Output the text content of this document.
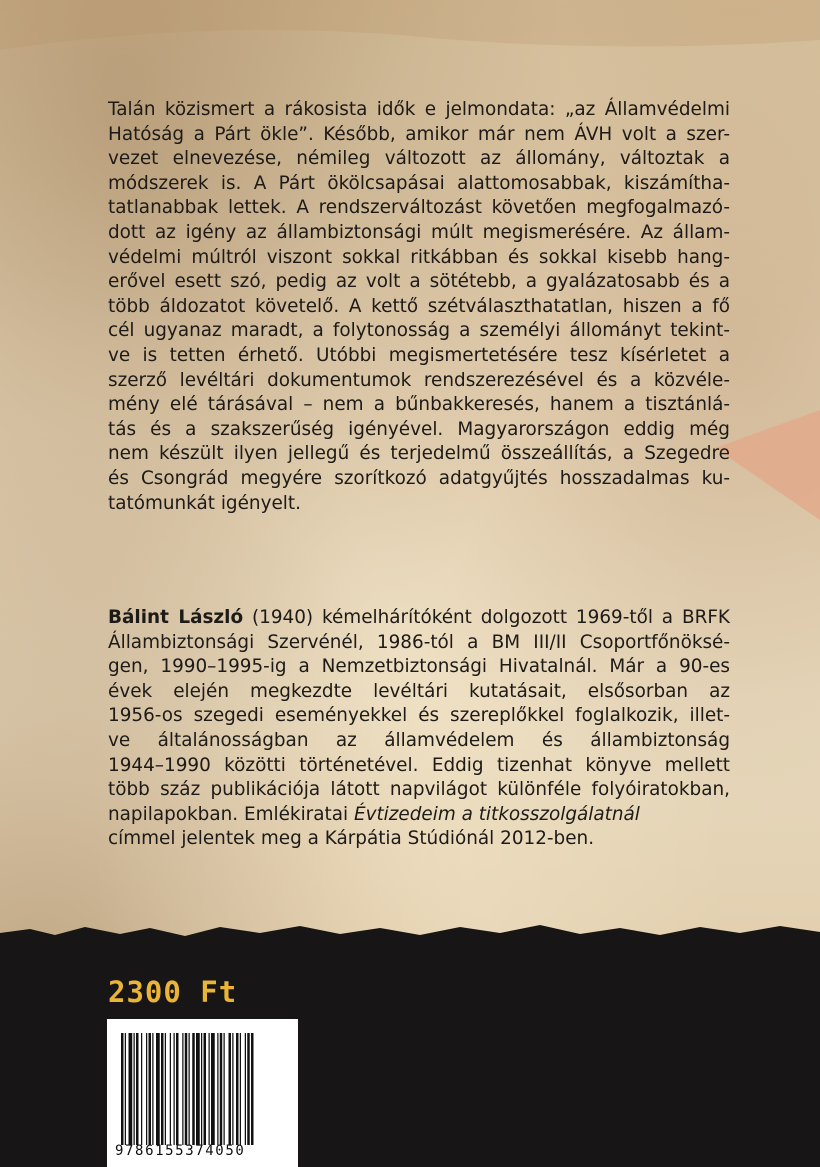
Talán közismert a rákosista idők e jelmondata: „az Államvédelmi
Hatóság a Párt ökle”. Később, amikor már nem ÁVH volt a szer-
vezet elnevezése, némileg változott az állomány, változtak a
módszerek is. A Párt ökölcsapásai alattomosabbak, kiszámítha-
tatlanabbak lettek. A rendszerváltozást követően megfogalmazó-
dott az igény az állambiztonsági múlt megismerésére. Az állam-
védelmi múltról viszont sokkal ritkábban és sokkal kisebb hang-
erővel esett szó, pedig az volt a sötétebb, a gyalázatosabb és a
több áldozatot követelő. A kettő szétválaszthatatlan, hiszen a fő
cél ugyanaz maradt, a folytonosság a személyi állományt tekint-
ve is tetten érhető. Utóbbi megismertetésére tesz kísérletet a
szerző levéltári dokumentumok rendszerezésével és a közvéle-
mény elé tárásával – nem a bűnbakkeresés, hanem a tisztánlá-
tás és a szakszerűség igényével. Magyarországon eddig még
nem készült ilyen jellegű és terjedelmű összeállítás, a Szegedre
és Csongrád megyére szorítkozó adatgyűjtés hosszadalmas ku-
tatómunkát igényelt.
Bálint László (1940) kémelhárítóként dolgozott 1969-től a BRFK
Állambiztonsági Szervénél, 1986-tól a BM III/II Csoportfőnöksé-
gen, 1990–1995-ig a Nemzetbiztonsági Hivatalnál. Már a 90-es
évek elején megkezdte levéltári kutatásait, elsősorban az
1956-os szegedi eseményekkel és szereplőkkel foglalkozik, illet-
ve általánosságban az államvédelem és állambiztonság
1944–1990 közötti történetével. Eddig tizenhat könyve mellett
több száz publikációja látott napvilágot különféle folyóiratokban,
napilapokban. Emlékiratai Évtizedeim a titkosszolgálatnál
címmel jelentek meg a Kárpátia Stúdiónál 2012-ben.
2300 Ft
9786155374050
